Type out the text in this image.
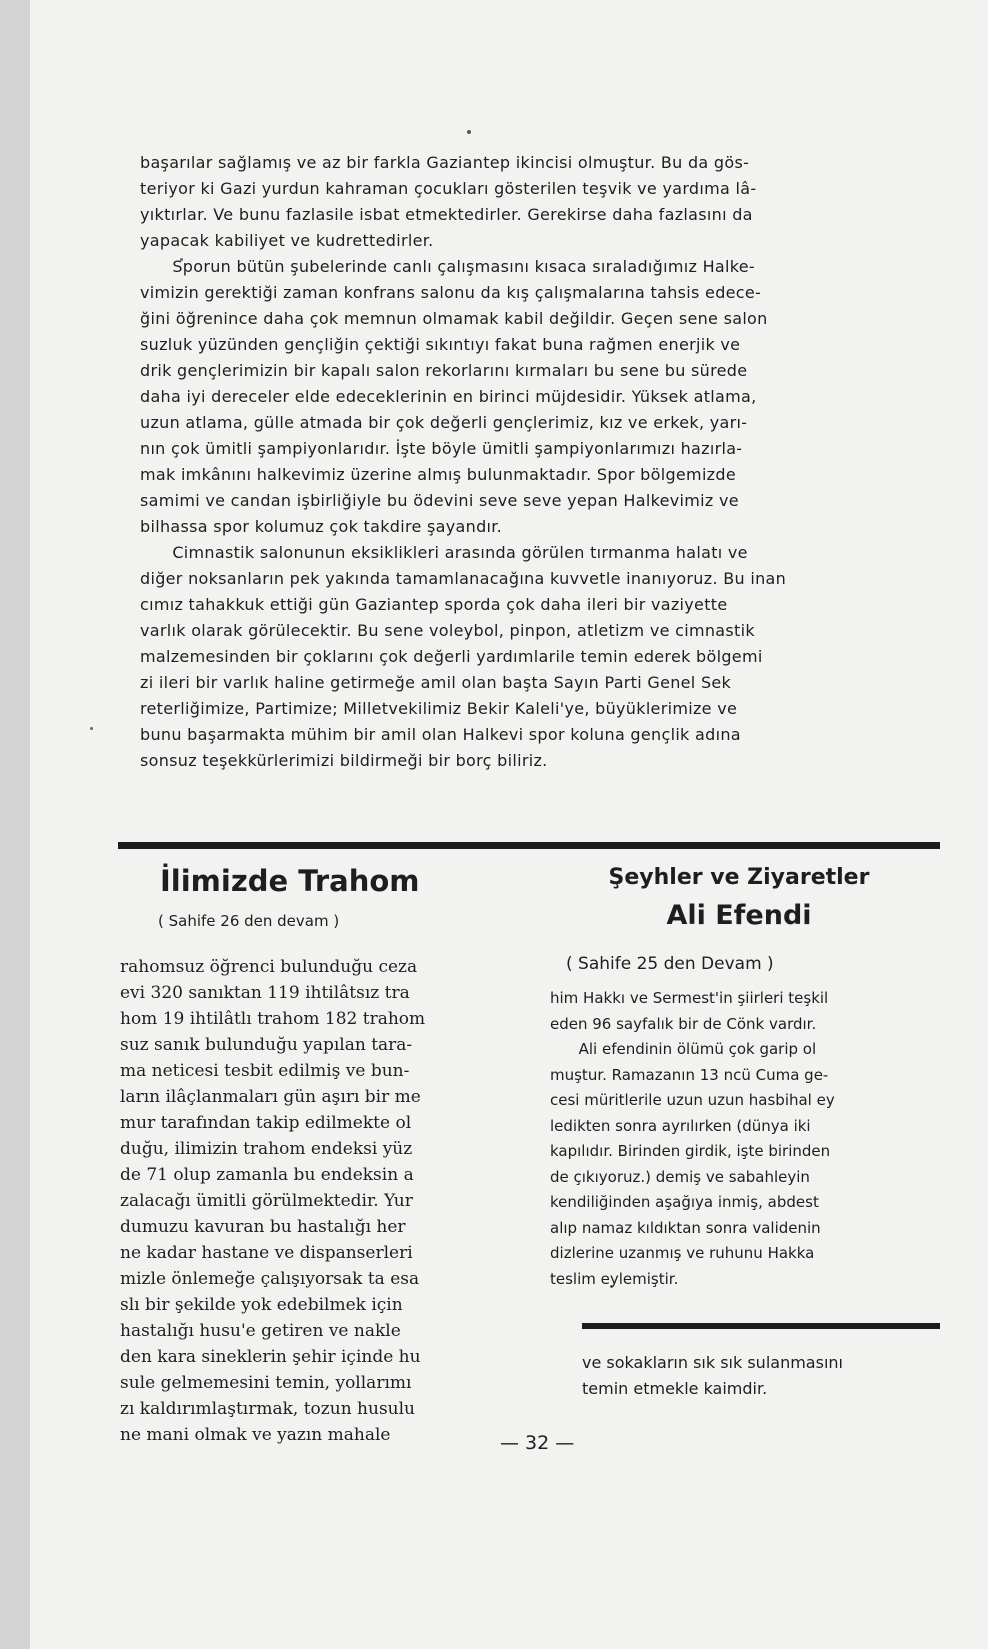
başarılar sağlamış ve az bir farkla Gaziantep ikincisi olmuştur. Bu da gös-
teriyor ki Gazi yurdun kahraman çocukları gösterilen teşvik ve yardıma lâ-
yıktırlar. Ve bunu fazlasile isbat etmektedirler. Gerekirse daha fazlasını da
yapacak kabiliyet ve kudrettedirler.
Sporun bütün şubelerinde canlı çalışmasını kısaca sıraladığımız Halke-
vimizin gerektiği zaman konfrans salonu da kış çalışmalarına tahsis edece-
ğini öğrenince daha çok memnun olmamak kabil değildir. Geçen sene salon
suzluk yüzünden gençliğin çektiği sıkıntıyı fakat buna rağmen enerjik ve
drik gençlerimizin bir kapalı salon rekorlarını kırmaları bu sene bu sürede
daha iyi dereceler elde edeceklerinin en birinci müjdesidir. Yüksek atlama,
uzun atlama, gülle atmada bir çok değerli gençlerimiz, kız ve erkek, yarı-
nın çok ümitli şampiyonlarıdır. İşte böyle ümitli şampiyonlarımızı hazırla-
mak imkânını halkevimiz üzerine almış bulunmaktadır. Spor bölgemizde
samimi ve candan işbirliğiyle bu ödevini seve seve yepan Halkevimiz ve
bilhassa spor kolumuz çok takdire şayandır.
Cimnastik salonunun eksiklikleri arasında görülen tırmanma halatı ve
diğer noksanların pek yakında tamamlanacağına kuvvetle inanıyoruz. Bu inan
cımız tahakkuk ettiği gün Gaziantep sporda çok daha ileri bir vaziyette
varlık olarak görülecektir. Bu sene voleybol, pinpon, atletizm ve cimnastik
malzemesinden bir çoklarını çok değerli yardımlarile temin ederek bölgemi
zi ileri bir varlık haline getirmeğe amil olan başta Sayın Parti Genel Sek
reterliğimize, Partimize; Milletvekilimiz Bekir Kaleli'ye, büyüklerimize ve
bunu başarmakta mühim bir amil olan Halkevi spor koluna gençlik adına
sonsuz teşekkürlerimizi bildirmeği bir borç biliriz.
İlimizde Trahom
( Sahife 26 den devam )
rahomsuz öğrenci bulunduğu ceza
evi 320 sanıktan 119 ihtilâtsız tra
hom 19 ihtilâtlı trahom 182 trahom
suz sanık bulunduğu yapılan tara-
ma neticesi tesbit edilmiş ve bun-
ların ilâçlanmaları gün aşırı bir me
mur tarafından takip edilmekte ol
duğu, ilimizin trahom endeksi yüz
de 71 olup zamanla bu endeksin a
zalacağı ümitli görülmektedir. Yur
dumuzu kavuran bu hastalığı her
ne kadar hastane ve dispanserleri
mizle önlemeğe çalışıyorsak ta esa
slı bir şekilde yok edebilmek için
hastalığı husu'e getiren ve nakle
den kara sineklerin şehir içinde hu
sule gelmemesini temin, yollarımı
zı kaldırımlaştırmak, tozun husulu
ne mani olmak ve yazın mahale
Şeyhler ve Ziyaretler
Ali Efendi
( Sahife 25 den Devam )
him Hakkı ve Sermest'in şiirleri teşkil
eden 96 sayfalık bir de Cönk vardır.
Ali efendinin ölümü çok garip ol
muştur. Ramazanın 13 ncü Cuma ge-
cesi müritlerile uzun uzun hasbihal ey
ledikten sonra ayrılırken (dünya iki
kapılıdır. Birinden girdik, işte birinden
de çıkıyoruz.) demiş ve sabahleyin
kendiliğinden aşağıya inmiş, abdest
alıp namaz kıldıktan sonra validenin
dizlerine uzanmış ve ruhunu Hakka
teslim eylemiştir.
ve sokakların sık sık sulanmasını
temin etmekle kaimdir.
— 32 —
